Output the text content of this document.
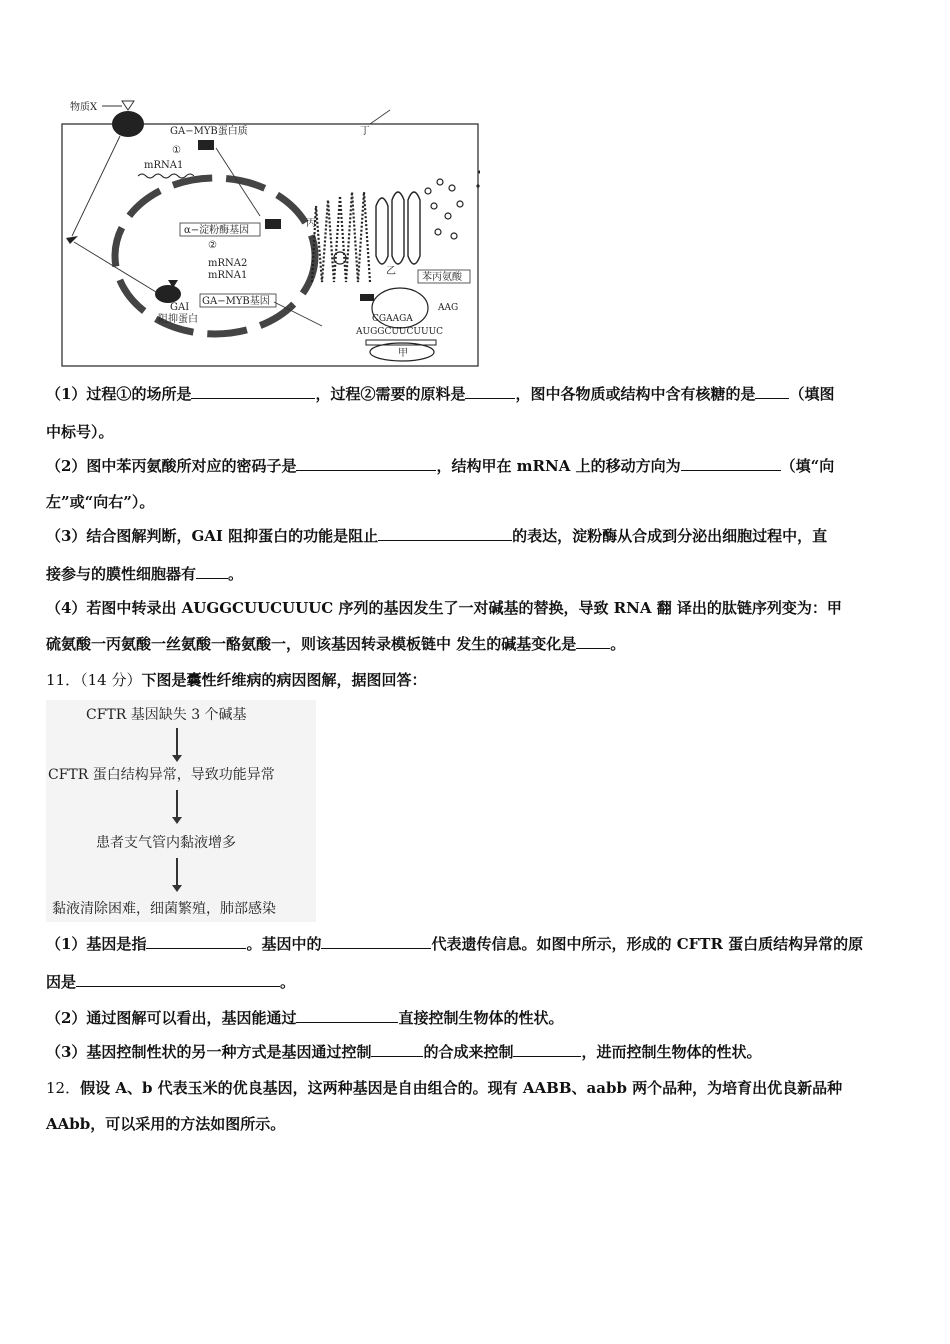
物质X
GA−MYB蛋白质
①
mRNA1
α−淀粉酶基因
②
mRNA2
mRNA1
GA−MYB基因
GAI
阻抑蛋白
丙
丁
乙
苯丙氨酸
AAG
CGAAGA
AUGGCUUCUUUC
甲
（1）过程①的场所是	，过程②需要的原料是	，图中各物质或结构中含有核糖的是 （填图
中标号）。
（2）图中苯丙氨酸所对应的密码子是	，结构甲在 mRNA 上的移动方向为	（填“向
左”或“向右”）。
（3）结合图解判断，GAI 阻抑蛋白的功能是阻止	的表达，淀粉酶从合成到分泌出细胞过程中，直
接参与的膜性细胞器有 。
（4）若图中转录出 AUGGCUUCUUUC 序列的基因发生了一对碱基的替换，导致 RNA 翻 译出的肽链序列变为：甲
硫氨酸一丙氨酸一丝氨酸一酪氨酸一，则该基因转录模板链中 发生的碱基变化是 。
11．（14 分）下图是囊性纤维病的病因图解，据图回答：
CFTR 基因缺失 3 个碱基
CFTR 蛋白结构异常，导致功能异常
患者支气管内黏液增多
黏液清除困难，细菌繁殖，肺部感染
（1）基因是指	。基因中的	代表遗传信息。如图中所示，形成的 CFTR 蛋白质结构异常的原
因是	。
（2）通过图解可以看出，基因能通过	直接控制生物体的性状。
（3）基因控制性状的另一种方式是基因通过控制	的合成来控制	，进而控制生物体的性状。
12．假设 A、b 代表玉米的优良基因，这两种基因是自由组合的。现有 AABB、aabb 两个品种，为培育出优良新品种
AAbb，可以采用的方法如图所示。
